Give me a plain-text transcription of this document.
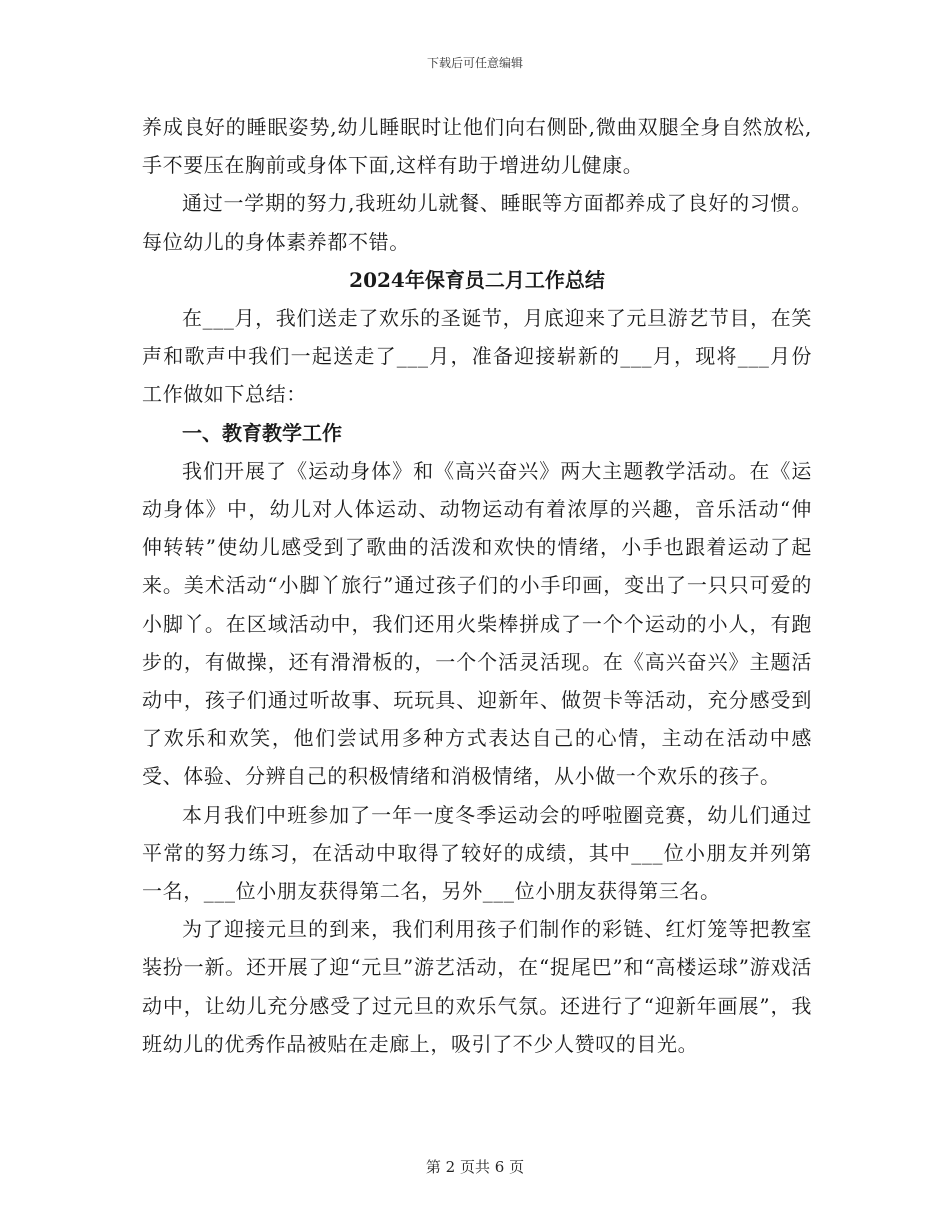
下载后可任意编辑

养成良好的睡眠姿势,幼儿睡眠时让他们向右侧卧,微曲双腿全身自然放松,手不要压在胸前或身体下面,这样有助于增进幼儿健康。

通过一学期的努力,我班幼儿就餐、睡眠等方面都养成了良好的习惯。每位幼儿的身体素养都不错。

2024年保育员二月工作总结

在___月，我们送走了欢乐的圣诞节，月底迎来了元旦游艺节目，在笑声和歌声中我们一起送走了___月，准备迎接崭新的___月，现将___月份工作做如下总结：

一、教育教学工作

我们开展了《运动身体》和《高兴奋兴》两大主题教学活动。在《运动身体》中，幼儿对人体运动、动物运动有着浓厚的兴趣，音乐活动“伸伸转转”使幼儿感受到了歌曲的活泼和欢快的情绪，小手也跟着运动了起来。美术活动“小脚丫旅行”通过孩子们的小手印画，变出了一只只可爱的小脚丫。在区域活动中，我们还用火柴棒拼成了一个个运动的小人，有跑步的，有做操，还有滑滑板的，一个个活灵活现。在《高兴奋兴》主题活动中，孩子们通过听故事、玩玩具、迎新年、做贺卡等活动，充分感受到了欢乐和欢笑，他们尝试用多种方式表达自己的心情，主动在活动中感受、体验、分辨自己的积极情绪和消极情绪，从小做一个欢乐的孩子。

本月我们中班参加了一年一度冬季运动会的呼啦圈竞赛，幼儿们通过平常的努力练习，在活动中取得了较好的成绩，其中___位小朋友并列第一名，___位小朋友获得第二名，另外___位小朋友获得第三名。

为了迎接元旦的到来，我们利用孩子们制作的彩链、红灯笼等把教室装扮一新。还开展了迎“元旦”游艺活动，在“捉尾巴”和“高楼运球”游戏活动中，让幼儿充分感受了过元旦的欢乐气氛。还进行了“迎新年画展”，我班幼儿的优秀作品被贴在走廊上，吸引了不少人赞叹的目光。

第 2 页共 6 页
